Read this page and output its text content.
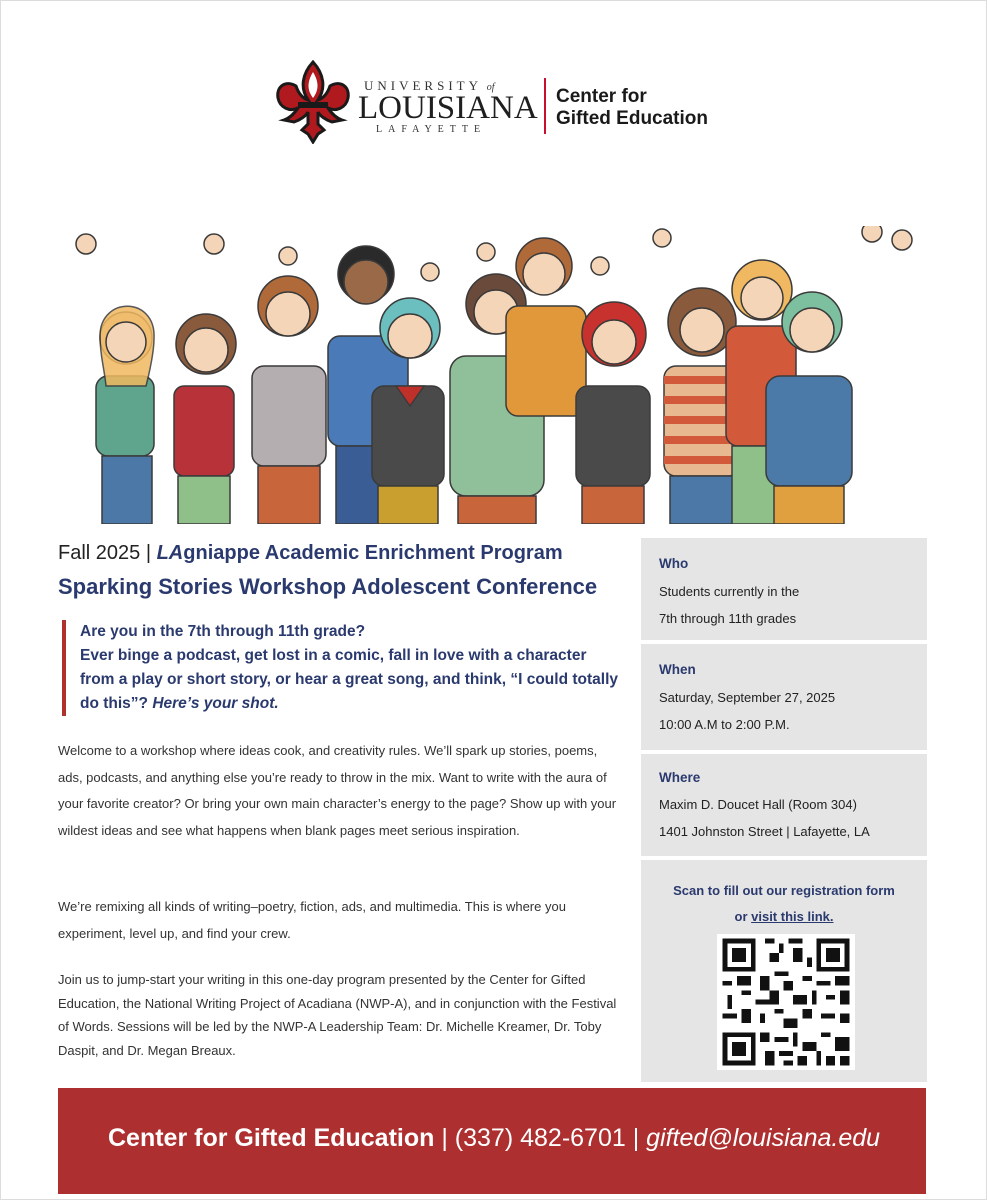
UNIVERSITY of
LOUISIANA
LAFAYETTE
Center for
Gifted Education
Fall 2025 | LAgniappe Academic Enrichment Program
Sparking Stories Workshop Adolescent Conference
Are you in the 7th through 11th grade?
Ever binge a podcast, get lost in a comic, fall in love with a character from a play or short story, or hear a great song, and think, “I could totally do this”? Here’s your shot.
Welcome to a workshop where ideas cook, and creativity rules. We’ll spark up stories, poems, ads, podcasts, and anything else you’re ready to throw in the mix. Want to write with the aura of your favorite creator? Or bring your own main character’s energy to the page? Show up with your wildest ideas and see what happens when blank pages meet serious inspiration.
We’re remixing all kinds of writing–poetry, fiction, ads, and multimedia. This is where you experiment, level up, and find your crew.
Join us to jump-start your writing in this one-day program presented by the Center for Gifted Education, the National Writing Project of Acadiana (NWP-A), and in conjunction with the Festival of Words. Sessions will be led by the NWP-A Leadership Team: Dr. Michelle Kreamer, Dr. Toby Daspit, and Dr. Megan Breaux.
Who
Students currently in the
7th through 11th grades
When
Saturday, September 27, 2025
10:00 A.M to 2:00 P.M.
Where
Maxim D. Doucet Hall (Room 304)
1401 Johnston Street | Lafayette, LA
Scan to fill out our registration form
or visit this link.
Center for Gifted Education | (337) 482-6701 | gifted@louisiana.edu
